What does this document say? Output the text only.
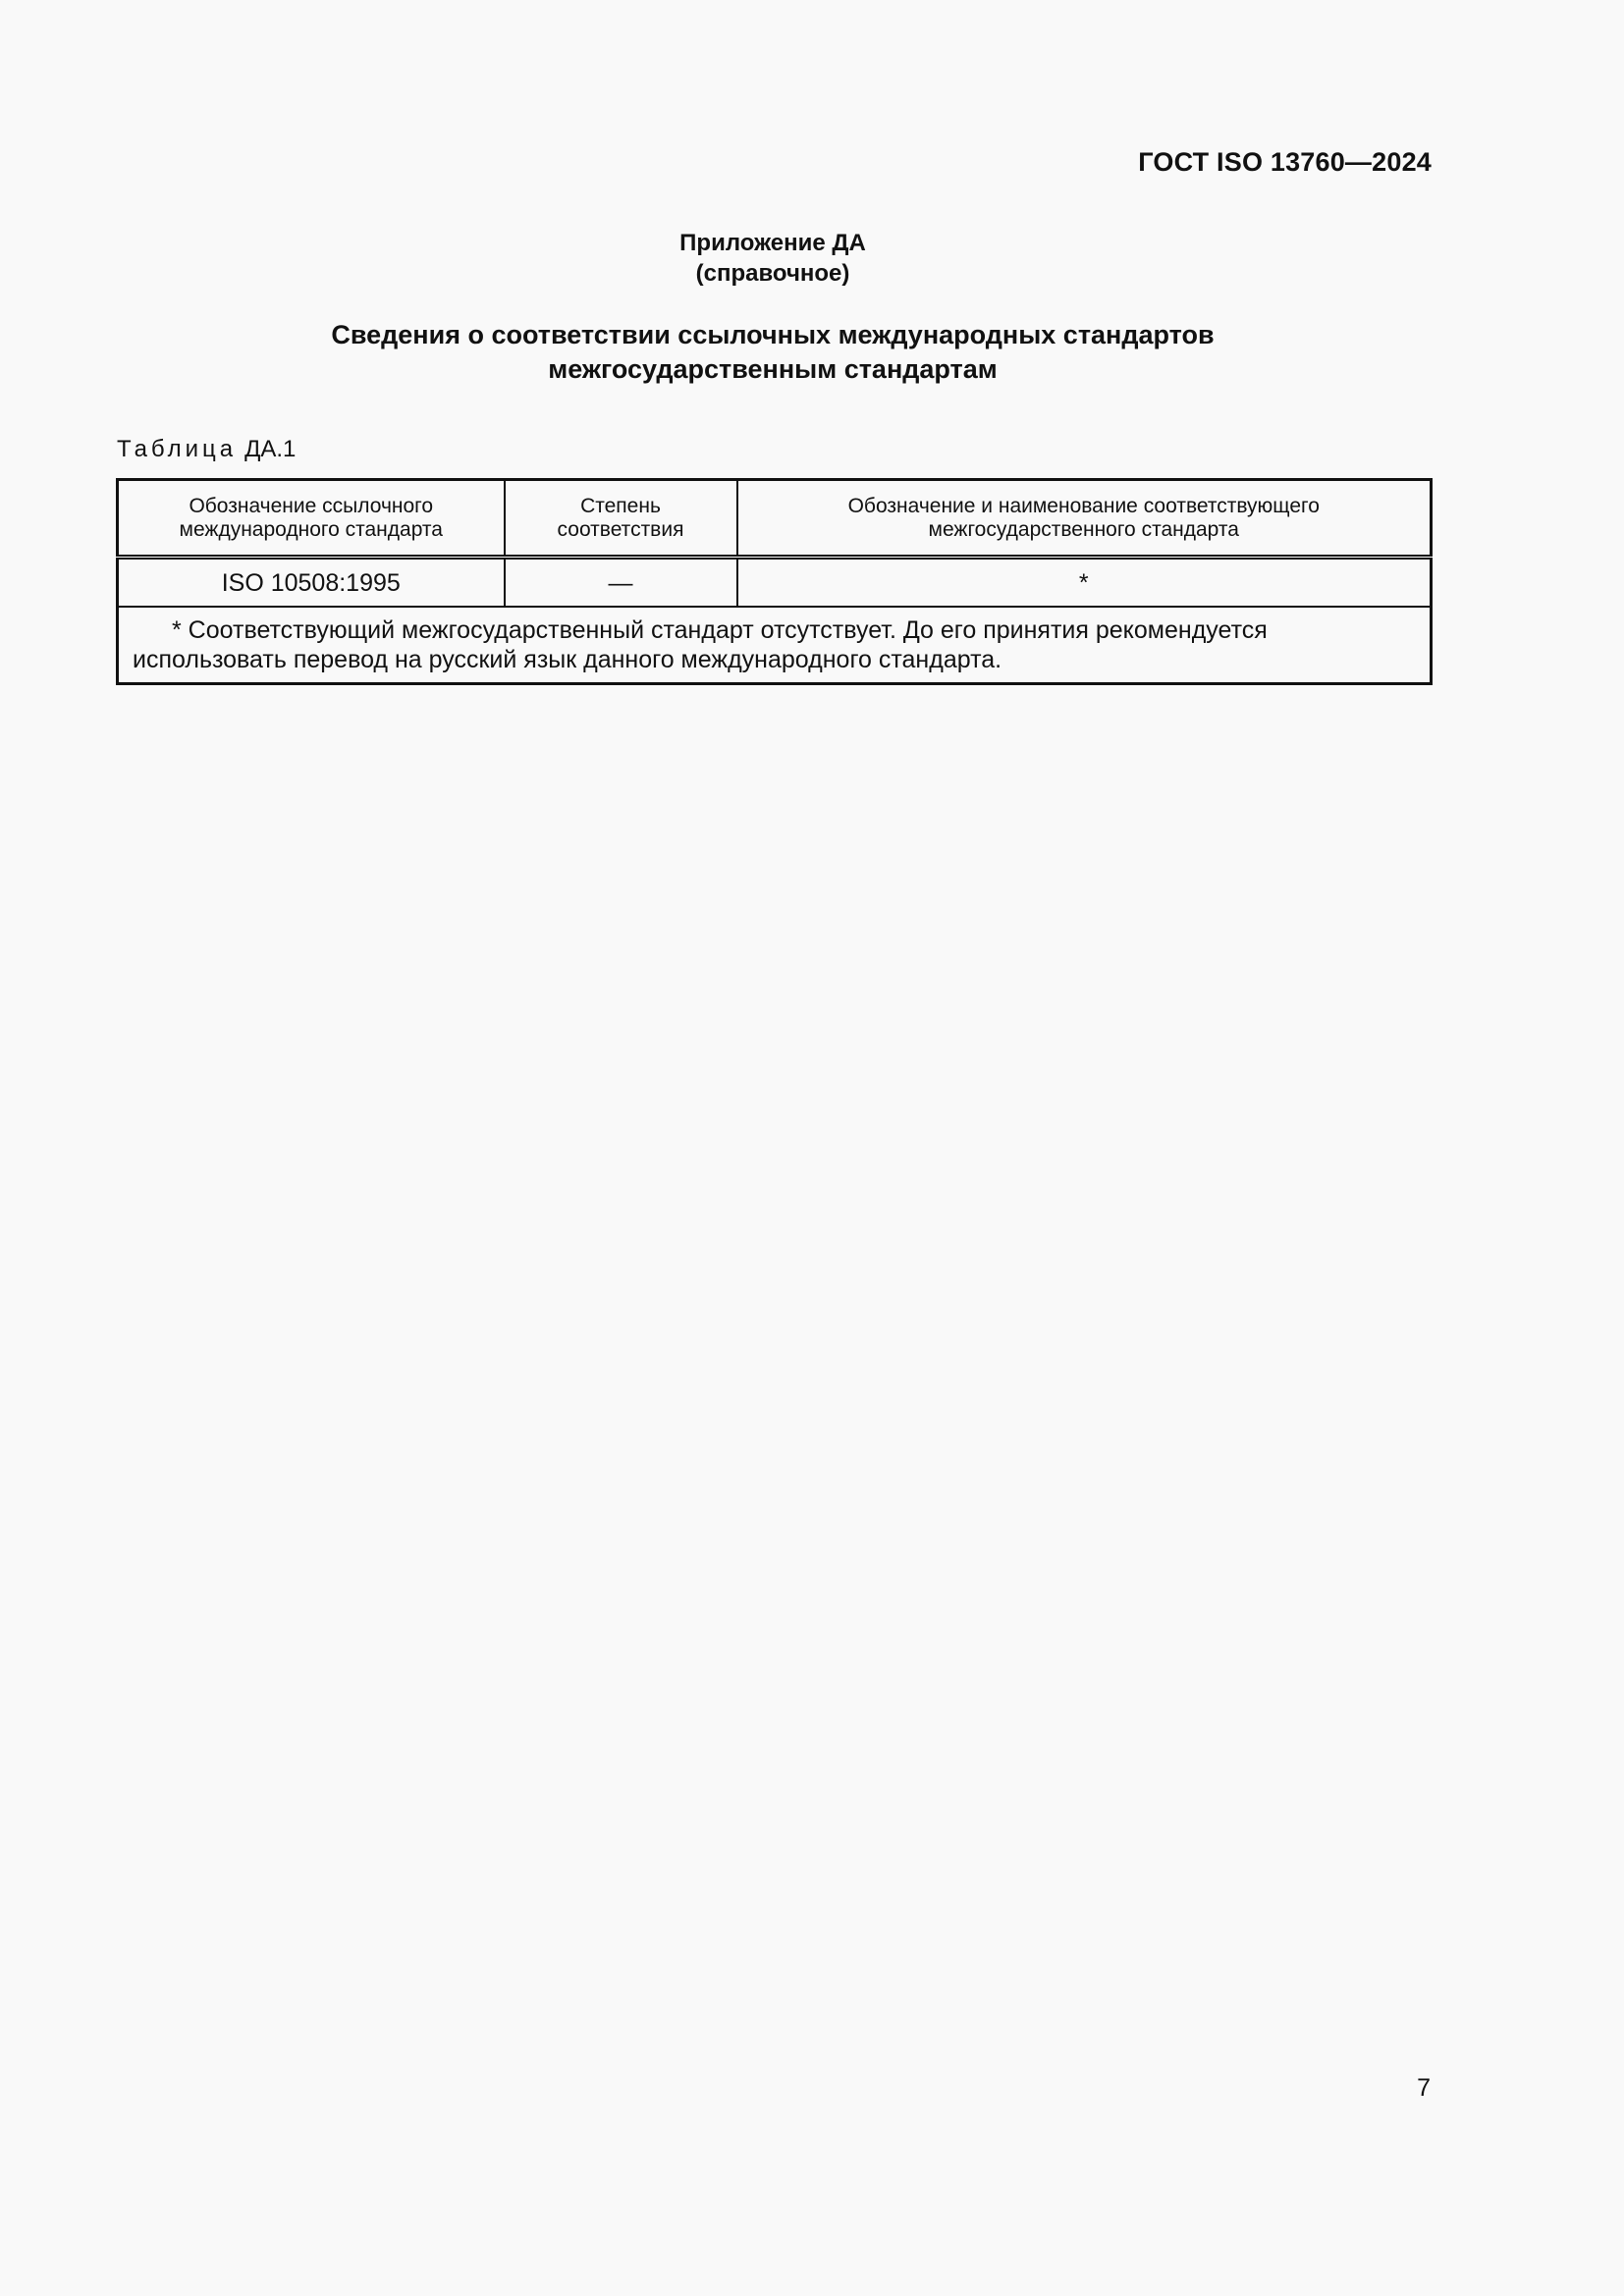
ГОСТ ISO 13760—2024
Приложение ДА
(справочное)
Сведения о соответствии ссылочных международных стандартов
межгосударственным стандартам
Таблица ДА.1
Обозначение ссылочного международного стандарта	Степень соответствия	Обозначение и наименование соответствующего межгосударственного стандарта
ISO 10508:1995	—	*
* Соответствующий межгосударственный стандарт отсутствует. До его принятия рекомендуется использовать перевод на русский язык данного международного стандарта.		
7
